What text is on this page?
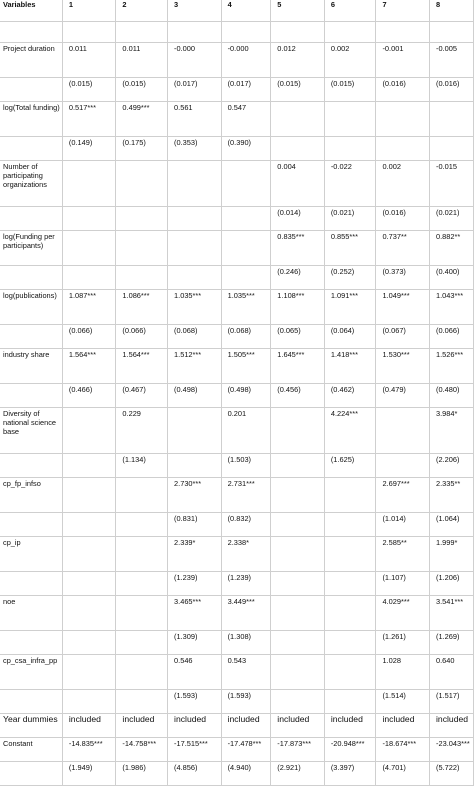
Variables	1	2	3	4	5	6	7	8

Project duration	0.011	0.011	-0.000	-0.000	0.012	0.002	-0.001	-0.005
	(0.015)	(0.015)	(0.017)	(0.017)	(0.015)	(0.015)	(0.016)	(0.016)
log(Total funding)	0.517***	0.499***	0.561	0.547				
	(0.149)	(0.175)	(0.353)	(0.390)				
Number of participating organizations					0.004	-0.022	0.002	-0.015
					(0.014)	(0.021)	(0.016)	(0.021)
log(Funding per participants)					0.835***	0.855***	0.737**	0.882**
					(0.246)	(0.252)	(0.373)	(0.400)
log(publications)	1.087***	1.086***	1.035***	1.035***	1.108***	1.091***	1.049***	1.043***
	(0.066)	(0.066)	(0.068)	(0.068)	(0.065)	(0.064)	(0.067)	(0.066)
industry share	1.564***	1.564***	1.512***	1.505***	1.645***	1.418***	1.530***	1.526***
	(0.466)	(0.467)	(0.498)	(0.498)	(0.456)	(0.462)	(0.479)	(0.480)
Diversity of national science base		0.229		0.201		4.224***		3.984*
		(1.134)		(1.503)		(1.625)		(2.206)
cp_fp_infso			2.730***	2.731***			2.697***	2.335**
			(0.831)	(0.832)			(1.014)	(1.064)
cp_ip			2.339*	2.338*			2.585**	1.999*
			(1.239)	(1.239)			(1.107)	(1.206)
noe			3.465***	3.449***			4.029***	3.541***
			(1.309)	(1.308)			(1.261)	(1.269)
cp_csa_infra_pp			0.546	0.543			1.028	0.640
			(1.593)	(1.593)			(1.514)	(1.517)
Year dummies	included	included	included	included	included	included	included	included
Constant	-14.835***	-14.758***	-17.515***	-17.478***	-17.873***	-20.948***	-18.674***	-23.043***
	(1.949)	(1.986)	(4.856)	(4.940)	(2.921)	(3.397)	(4.701)	(5.722)
